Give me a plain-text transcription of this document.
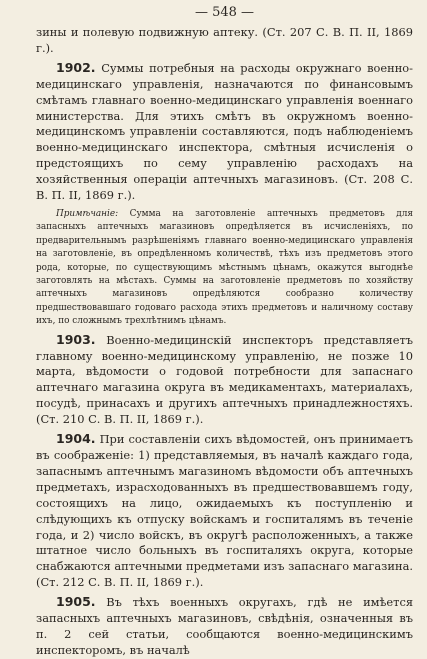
— 548 —

зины и полевую подвижную аптеку. (Ст. 207 С. В. П. II, 1869 г.).

1902. Суммы потребныя на расходы окружнаго военно-медицинскаго управленія, назначаются по финансовымъ смѣтамъ главнаго военно-медицинскаго управленія военнаго министерства. Для этихъ смѣтъ въ окружномъ военно-медицинскомъ управленіи составляются, подъ наблюденіемъ военно-медицинскаго инспектора, смѣтныя исчисленія о предстоящихъ по сему управленію расходахъ на хозяйственныя операціи аптечныхъ магазиновъ. (Ст. 208 С. В. П. II, 1869 г.).

Примѣчаніе: Сумма на заготовленіе аптечныхъ предметовъ для запасныхъ аптечныхъ магазиновъ опредѣляется въ исчисленіяхъ, по предварительнымъ разрѣшеніямъ главнаго военно-медицинскаго управленія на заготовленіе, въ опредѣленномъ количествѣ, тѣхъ изъ предметовъ этого рода, которые, по существующимъ мѣстнымъ цѣнамъ, окажутся выгоднѣе заготовлять на мѣстахъ. Суммы на заготовленіе предметовъ по хозяйству аптечныхъ магазиновъ опредѣляются сообразно количеству предшествовавшаго годоваго расхода этихъ предметовъ и наличному составу ихъ, по сложнымъ трехлѣтнимъ цѣнамъ.

1903. Военно-медицинскій инспекторъ представляетъ главному военно-медицинскому управленію, не позже 10 марта, вѣдомости о годовой потребности для запаснаго аптечнаго магазина округа въ медикаментахъ, материалахъ, посудѣ, принасахъ и другихъ аптечныхъ принадлежностяхъ. (Ст. 210 С. В. П. II, 1869 г.).

1904. При составленіи сихъ вѣдомостей, онъ принимаетъ въ соображеніе: 1) представляемыя, въ началѣ каждаго года, запаснымъ аптечнымъ магазиномъ вѣдомости объ аптечныхъ предметахъ, израсходованныхъ въ предшествовавшемъ году, состоящихъ на лицо, ожидаемыхъ къ поступленію и слѣдующихъ къ отпуску войскамъ и госпиталямъ въ теченіе года, и 2) число войскъ, въ округѣ расположенныхъ, а также штатное число больныхъ въ госпиталяхъ округа, которые снабжаются аптечными предметами изъ запаснаго магазина. (Ст. 212 С. В. П. II, 1869 г.).

1905. Въ тѣхъ военныхъ округахъ, гдѣ не имѣется запасныхъ аптечныхъ магазиновъ, свѣдѣнія, означенныя въ п. 2 сей статьи, сообщаются военно-медицинскимъ инспекторомъ, въ началѣ
